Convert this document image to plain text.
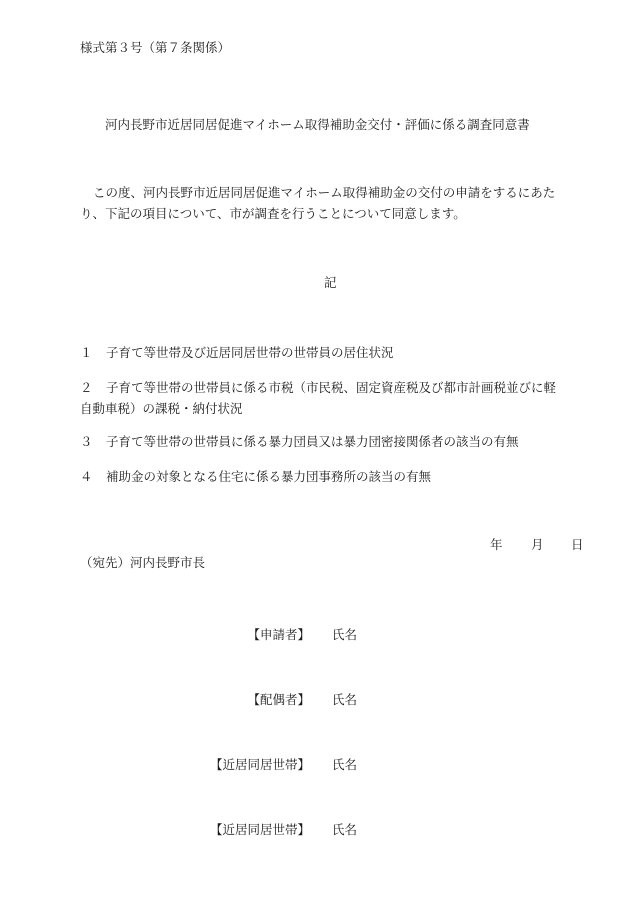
様式第３号（第７条関係）
河内長野市近居同居促進マイホーム取得補助金交付・評価に係る調査同意書
この度、河内長野市近居同居促進マイホーム取得補助金の交付の申請をするにあた
り、下記の項目について、市が調査を行うことについて同意します。
記
１ 子育て等世帯及び近居同居世帯の世帯員の居住状況
２ 子育て等世帯の世帯員に係る市税（市民税、固定資産税及び都市計画税並びに軽
自動車税）の課税・納付状況
３ 子育て等世帯の世帯員に係る暴力団員又は暴力団密接関係者の該当の有無
４ 補助金の対象となる住宅に係る暴力団事務所の該当の有無
年 月 日
（宛先）河内長野市長
【申請者】 氏名
【配偶者】 氏名
【近居同居世帯】 氏名
【近居同居世帯】 氏名
